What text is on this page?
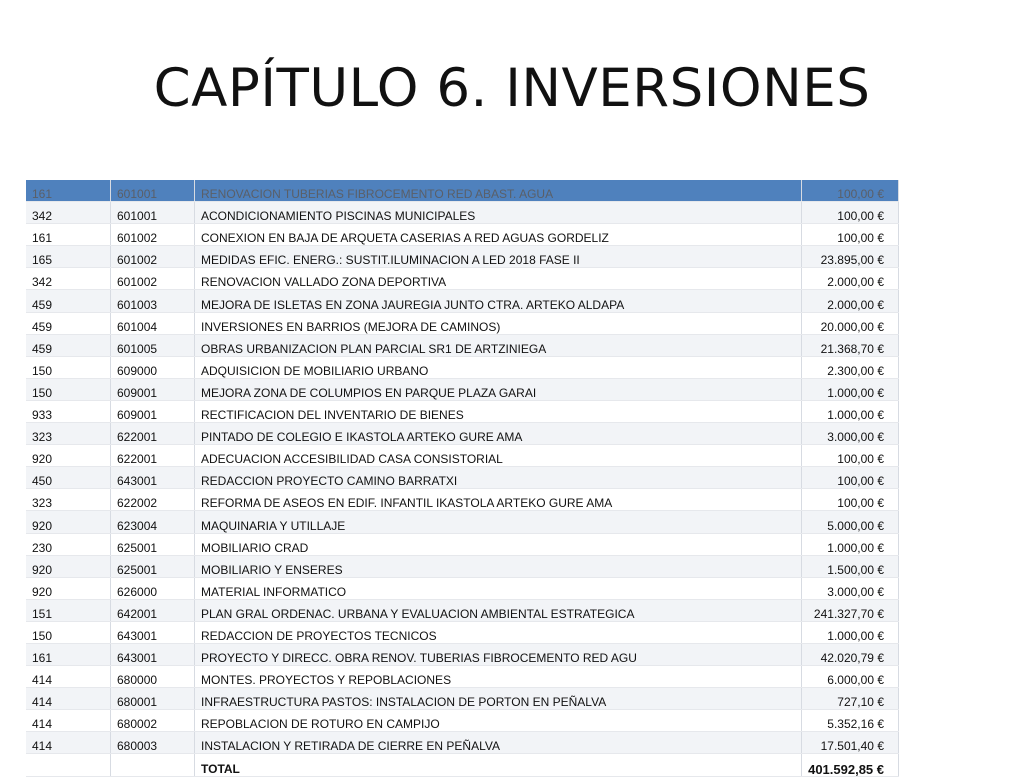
CAPÍTULO 6. INVERSIONES
161	601001	RENOVACION TUBERIAS FIBROCEMENTO RED ABAST. AGUA	100,00 €
342	601001	ACONDICIONAMIENTO PISCINAS MUNICIPALES	100,00 €
161	601002	CONEXION EN BAJA DE ARQUETA CASERIAS A RED AGUAS GORDELIZ	100,00 €
165	601002	MEDIDAS EFIC. ENERG.: SUSTIT.ILUMINACION A LED 2018 FASE II	23.895,00 €
342	601002	RENOVACION VALLADO ZONA DEPORTIVA	2.000,00 €
459	601003	MEJORA DE ISLETAS EN ZONA JAUREGIA JUNTO CTRA. ARTEKO ALDAPA	2.000,00 €
459	601004	INVERSIONES EN BARRIOS (MEJORA DE CAMINOS)	20.000,00 €
459	601005	OBRAS URBANIZACION PLAN PARCIAL SR1 DE ARTZINIEGA	21.368,70 €
150	609000	ADQUISICION DE MOBILIARIO URBANO	2.300,00 €
150	609001	MEJORA ZONA DE COLUMPIOS EN PARQUE PLAZA GARAI	1.000,00 €
933	609001	RECTIFICACION DEL INVENTARIO DE BIENES	1.000,00 €
323	622001	PINTADO DE COLEGIO E IKASTOLA ARTEKO GURE AMA	3.000,00 €
920	622001	ADECUACION ACCESIBILIDAD CASA CONSISTORIAL	100,00 €
450	643001	REDACCION PROYECTO CAMINO BARRATXI	100,00 €
323	622002	REFORMA DE ASEOS EN EDIF. INFANTIL IKASTOLA ARTEKO GURE AMA	100,00 €
920	623004	MAQUINARIA Y UTILLAJE	5.000,00 €
230	625001	MOBILIARIO CRAD	1.000,00 €
920	625001	MOBILIARIO Y ENSERES	1.500,00 €
920	626000	MATERIAL INFORMATICO	3.000,00 €
151	642001	PLAN GRAL ORDENAC. URBANA Y EVALUACION AMBIENTAL ESTRATEGICA	241.327,70 €
150	643001	REDACCION DE PROYECTOS TECNICOS	1.000,00 €
161	643001	PROYECTO Y DIRECC. OBRA RENOV. TUBERIAS FIBROCEMENTO RED AGU	42.020,79 €
414	680000	MONTES. PROYECTOS Y REPOBLACIONES	6.000,00 €
414	680001	INFRAESTRUCTURA PASTOS: INSTALACION DE PORTON EN PEÑALVA	727,10 €
414	680002	REPOBLACION DE ROTURO EN CAMPIJO	5.352,16 €
414	680003	INSTALACION Y RETIRADA DE CIERRE EN PEÑALVA	17.501,40 €
		TOTAL	401.592,85 €
